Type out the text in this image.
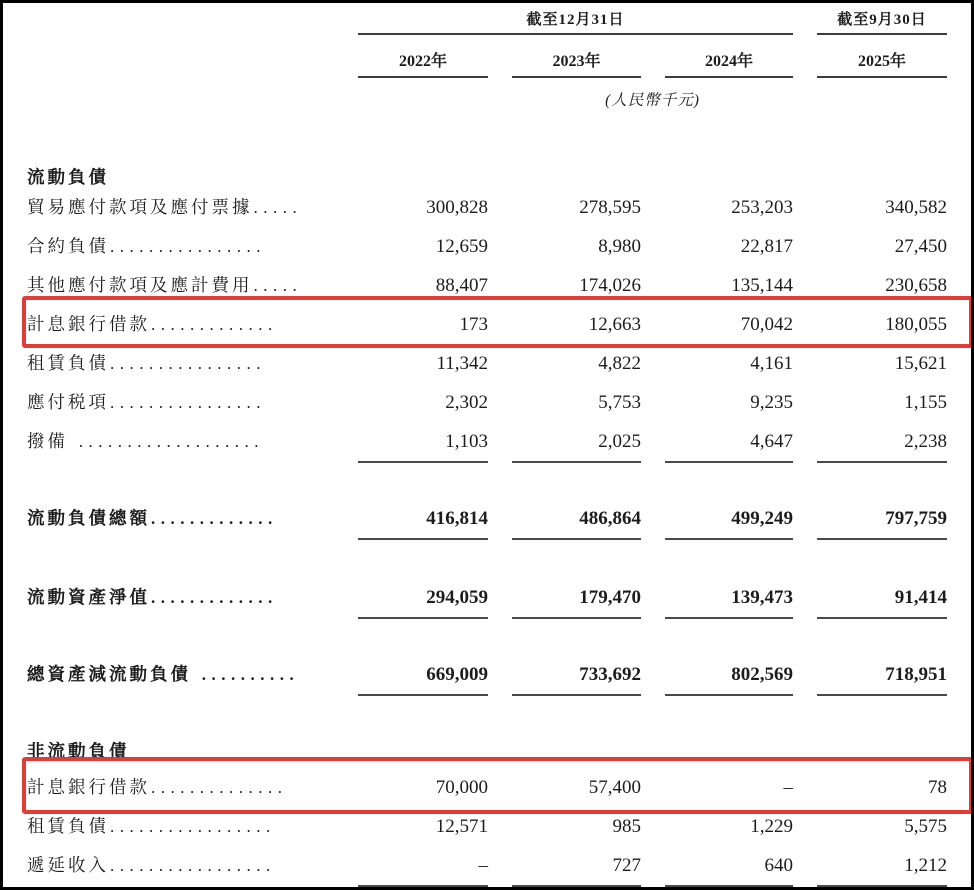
截至12月31日	截至9月30日
2022年	2023年	2024年	2025年
(人民幣千元)
流動負債
貿易應付款項及應付票據.....	300,828	278,595	253,203	340,582
合約負債................	12,659	8,980	22,817	27,450
其他應付款項及應計費用.....	88,407	174,026	135,144	230,658
計息銀行借款.............	173	12,663	70,042	180,055
租賃負債................	11,342	4,822	4,161	15,621
應付税項................	2,302	5,753	9,235	1,155
撥備 ...................	1,103	2,025	4,647	2,238
流動負債總額.............	416,814	486,864	499,249	797,759
流動資產淨值.............	294,059	179,470	139,473	91,414
總資產減流動負債 ..........	669,009	733,692	802,569	718,951
非流動負債
計息銀行借款..............	70,000	57,400	–	78
租賃負債.................	12,571	985	1,229	5,575
遞延收入.................	–	727	640	1,212
